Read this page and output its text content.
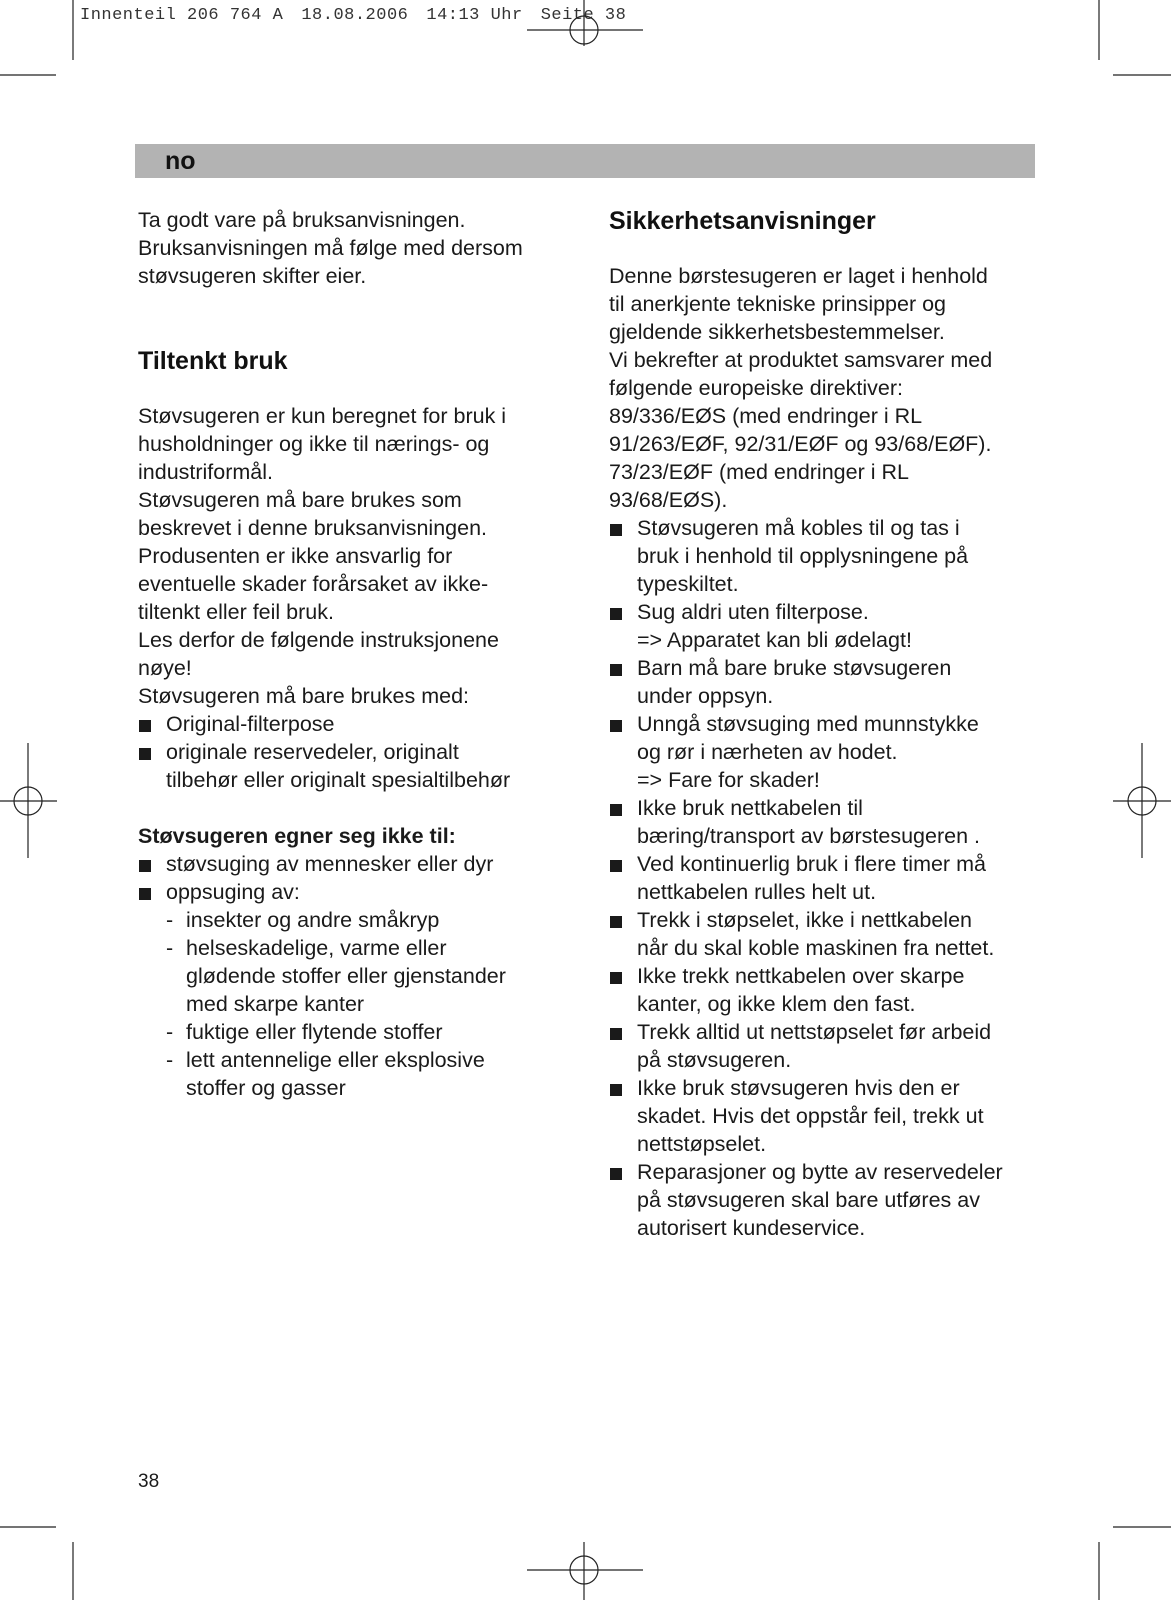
Innenteil 206 764 A 18.08.2006 14:13 Uhr Seite 38
no

Ta godt vare på bruksanvisningen.

Bruksanvisningen må følge med dersom

støvsugeren skifter eier.

Tiltenkt bruk

Støvsugeren er kun beregnet for bruk i

husholdninger og ikke til nærings- og

industriformål.

Støvsugeren må bare brukes som

beskrevet i denne bruksanvisningen.

Produsenten er ikke ansvarlig for

eventuelle skader forårsaket av ikke-

tiltenkt eller feil bruk.

Les derfor de følgende instruksjonene

nøye!

Støvsugeren må bare brukes med:

Original-filterpose
originale reservedeler, originalt
tilbehør eller originalt spesialtilbehør

Støvsugeren egner seg ikke til:

støvsuging av mennesker eller dyr
oppsuging av:
- insekter og andre småkryp
- helseskadelige, varme eller
glødende stoffer eller gjenstander
med skarpe kanter
- fuktige eller flytende stoffer
- lett antennelige eller eksplosive
stoffer og gasser
Sikkerhetsanvisninger

Denne børstesugeren er laget i henhold

til anerkjente tekniske prinsipper og

gjeldende sikkerhetsbestemmelser.

Vi bekrefter at produktet samsvarer med

følgende europeiske direktiver:

89/336/EØS (med endringer i RL

91/263/EØF, 92/31/EØF og 93/68/EØF).

73/23/EØF (med endringer i RL

93/68/EØS).

Støvsugeren må kobles til og tas i
bruk i henhold til opplysningene på
typeskiltet.
Sug aldri uten filterpose.
=> Apparatet kan bli ødelagt!
Barn må bare bruke støvsugeren
under oppsyn.
Unngå støvsuging med munnstykke
og rør i nærheten av hodet.
=> Fare for skader!
Ikke bruk nettkabelen til
bæring/transport av børstesugeren .
Ved kontinuerlig bruk i flere timer må
nettkabelen rulles helt ut.
Trekk i støpselet, ikke i nettkabelen
når du skal koble maskinen fra nettet.
Ikke trekk nettkabelen over skarpe
kanter, og ikke klem den fast.
Trekk alltid ut nettstøpselet før arbeid
på støvsugeren.
Ikke bruk støvsugeren hvis den er
skadet. Hvis det oppstår feil, trekk ut
nettstøpselet.
Reparasjoner og bytte av reservedeler
på støvsugeren skal bare utføres av
autorisert kundeservice.
38
